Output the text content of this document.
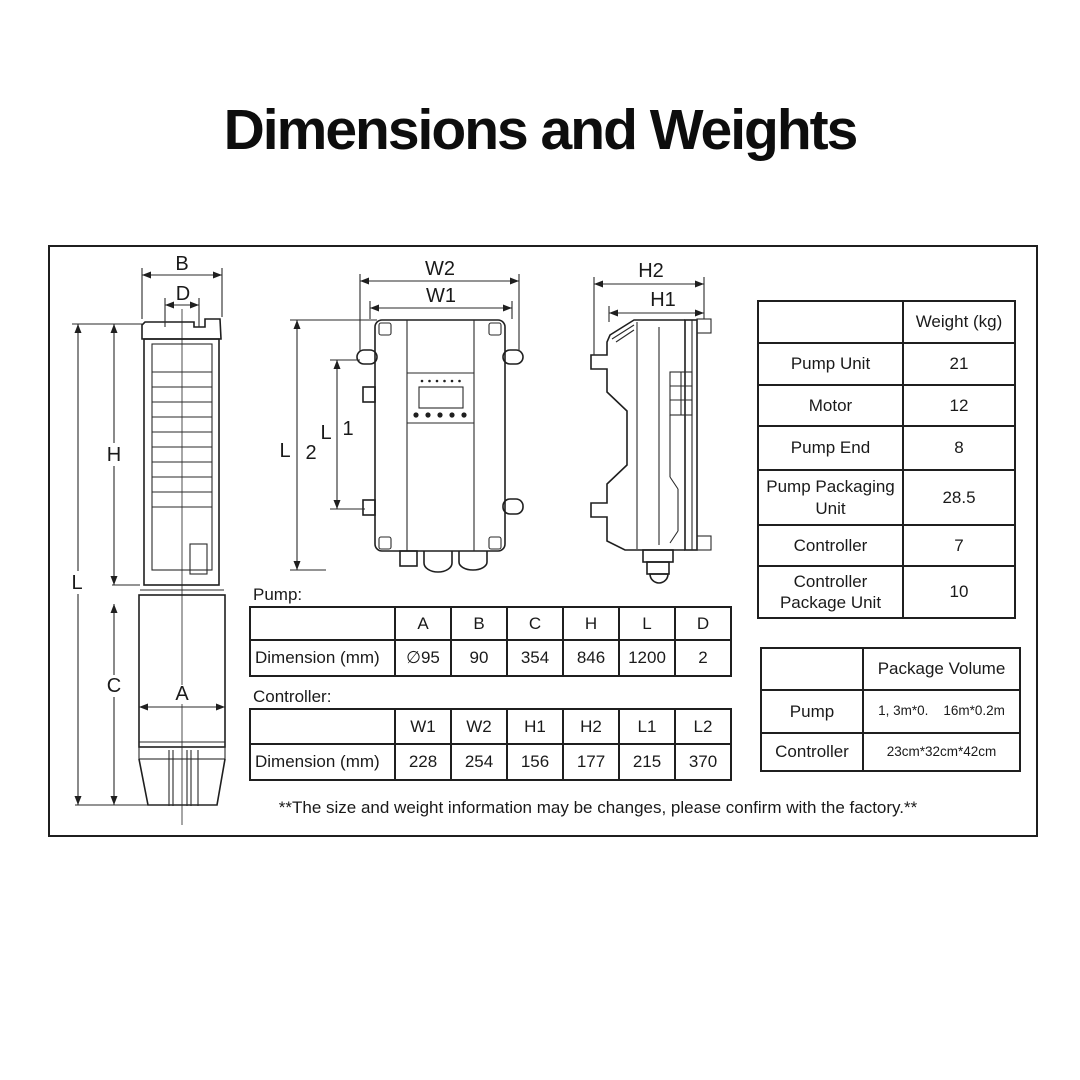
Dimensions and Weights
B
D
H
L
C	A
W2
W1
L 2
L 1
H2
H1
	Weight (kg)
Pump Unit	21
Motor	12
Pump End	8
Pump Packaging Unit	28.5
Controller	7
Controller Package Unit	10
Pump:
	A	B	C	H	L	D
Dimension (mm)	∅95	90	354	846	1200	2
Controller:
	W1	W2	H1	H2	L1	L2
Dimension (mm)	228	254	156	177	215	370
	Package Volume
Pump	1, 3m*0.    16m*0.2m
Controller	23cm*32cm*42cm
**The size and weight information may be changes, please confirm with the factory.**
